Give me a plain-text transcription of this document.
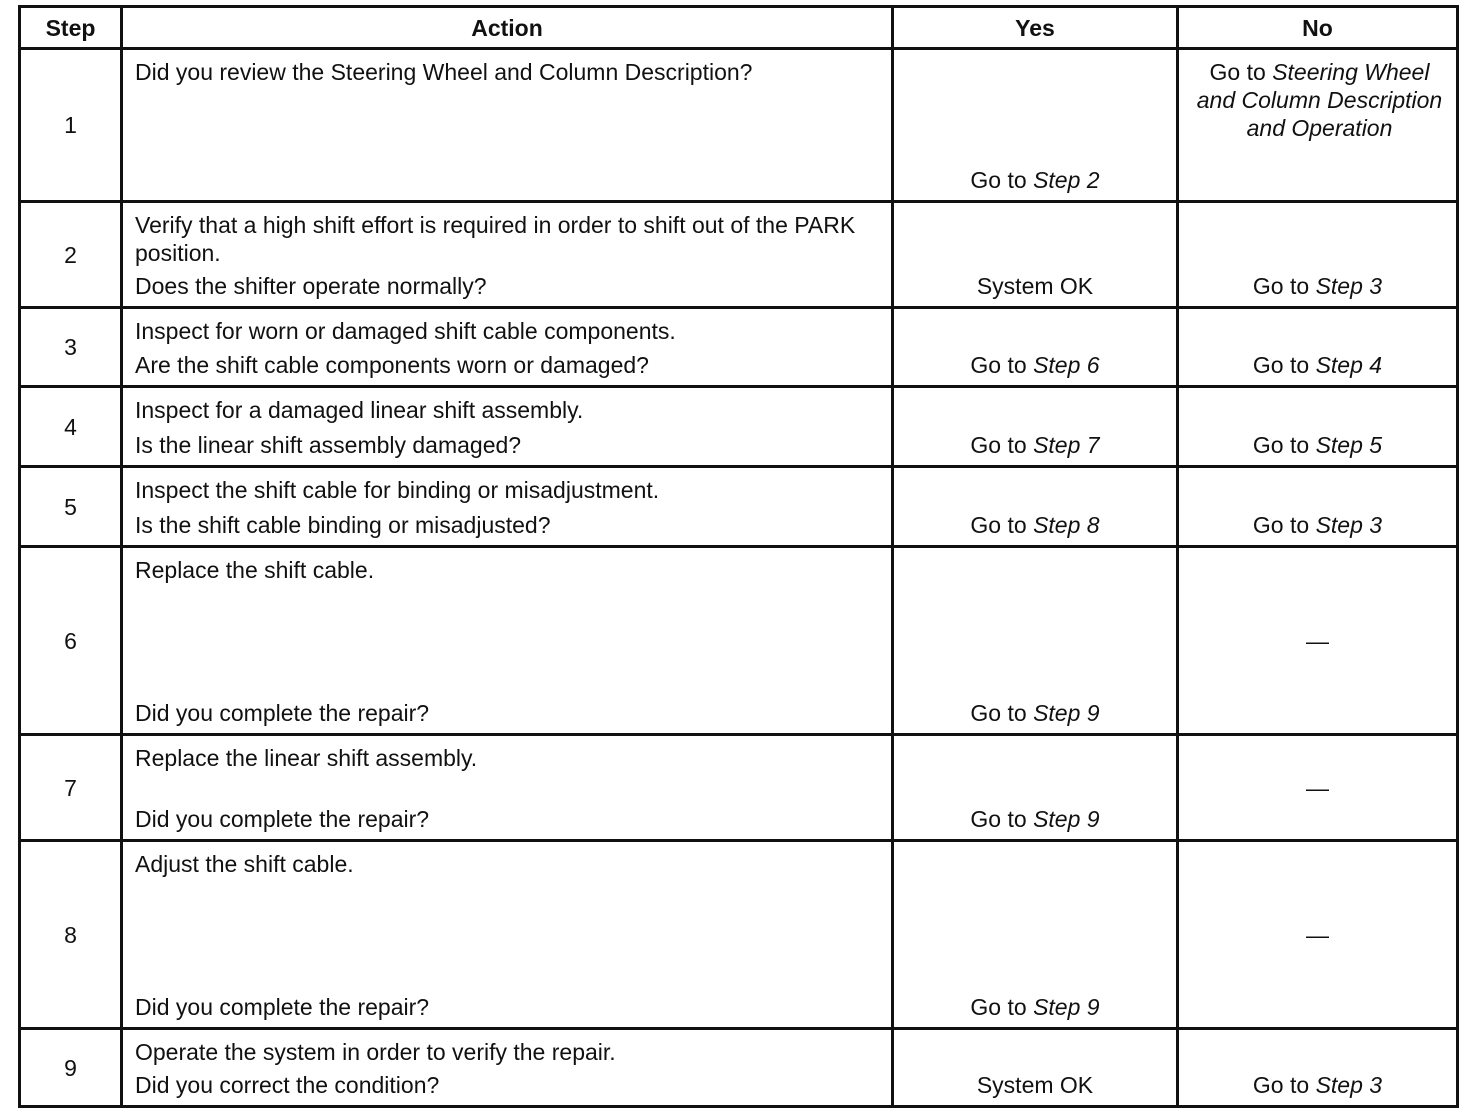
Step	Action	Yes	No
1	Did you review the Steering Wheel and Column Description?	Go to Step 2	Go to Steering Wheel and Column Description and Operation

2	Verify that a high shift effort is required in order to shift out of the PARK position.
Does the shifter operate normally?	System OK	Go to Step 3

3	Inspect for worn or damaged shift cable components.
Are the shift cable components worn or damaged?	Go to Step 6	Go to Step 4

4	Inspect for a damaged linear shift assembly.
Is the linear shift assembly damaged?	Go to Step 7	Go to Step 5

5	Inspect the shift cable for binding or misadjustment.
Is the shift cable binding or misadjusted?	Go to Step 8	Go to Step 3

6	Replace the shift cable.
Did you complete the repair?	Go to Step 9	—

7	Replace the linear shift assembly.
Did you complete the repair?	Go to Step 9	—

8	Adjust the shift cable.
Did you complete the repair?	Go to Step 9	—

9	Operate the system in order to verify the repair.
Did you correct the condition?	System OK	Go to Step 3
